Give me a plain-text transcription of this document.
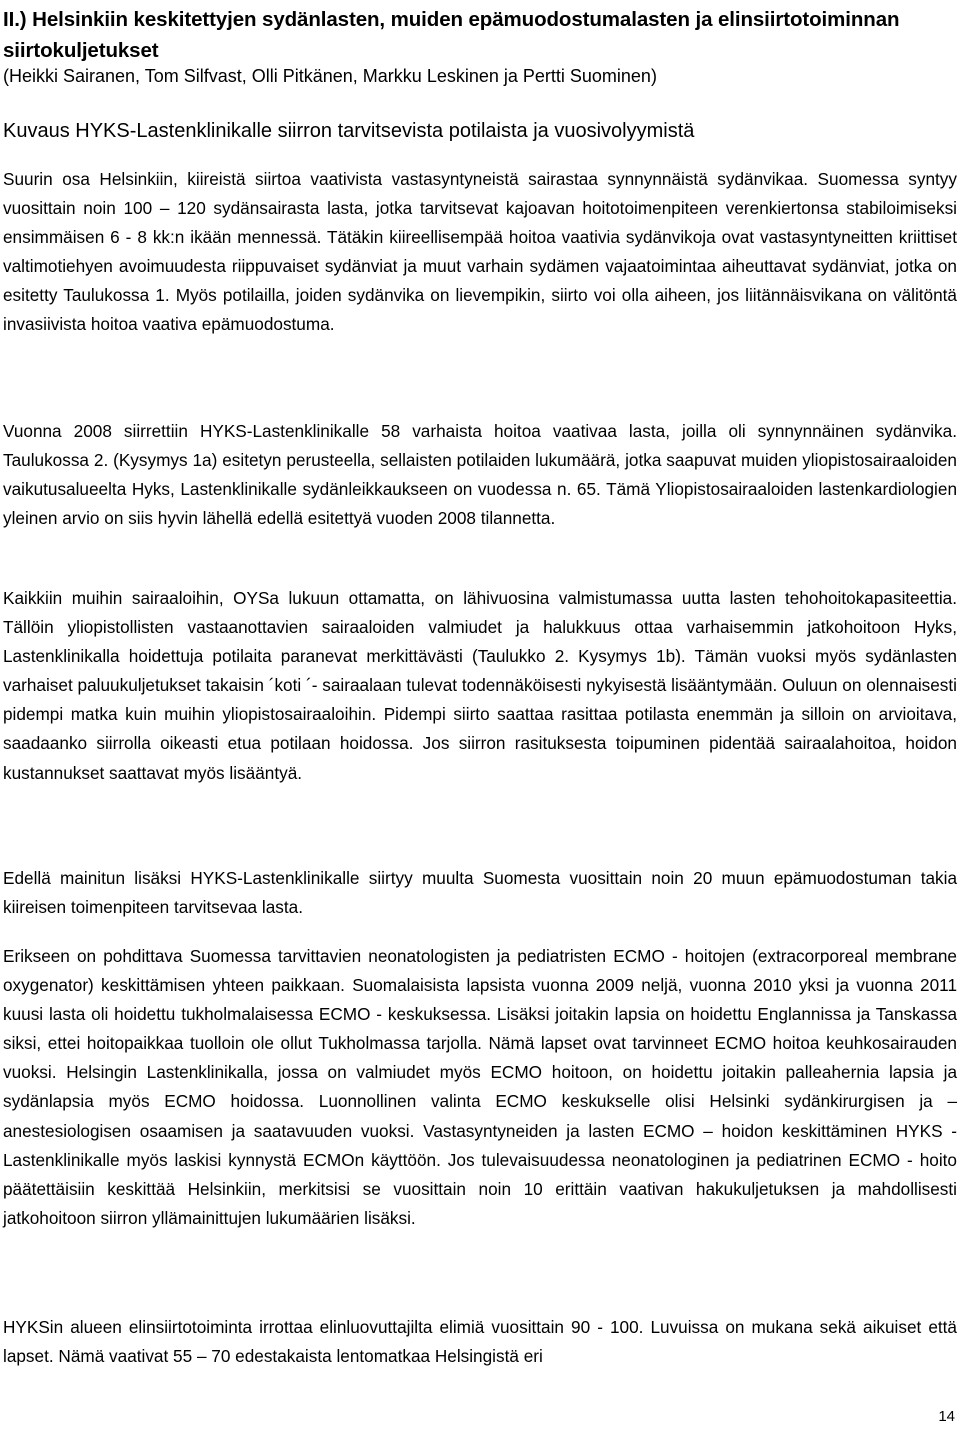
II.) Helsinkiin keskitettyjen sydänlasten, muiden epämuodostumalasten ja elinsiirtotoiminnan siirtokuljetukset
(Heikki Sairanen, Tom Silfvast, Olli Pitkänen, Markku Leskinen ja Pertti Suominen)
Kuvaus HYKS-Lastenklinikalle siirron tarvitsevista potilaista ja vuosivolyymistä

Suurin osa Helsinkiin, kiireistä siirtoa vaativista vastasyntyneistä sairastaa synnynnäistä sydänvikaa. Suomessa syntyy vuosittain noin 100 – 120 sydänsairasta lasta, jotka tarvitsevat kajoavan hoitotoimenpiteen verenkiertonsa stabiloimiseksi ensimmäisen 6 - 8 kk:n ikään mennessä. Tätäkin kiireellisempää hoitoa vaativia sydänvikoja ovat vastasyntyneitten kriittiset valtimotiehyen avoimuudesta riippuvaiset sydänviat ja muut varhain sydämen vajaatoimintaa aiheuttavat sydänviat, jotka on esitetty Taulukossa 1. Myös potilailla, joiden sydänvika on lievempikin, siirto voi olla aiheen, jos liitännäisvikana on välitöntä invasiivista hoitoa vaativa epämuodostuma.

Vuonna 2008 siirrettiin HYKS-Lastenklinikalle 58 varhaista hoitoa vaativaa lasta, joilla oli synnynnäinen sydänvika. Taulukossa 2. (Kysymys 1a) esitetyn perusteella, sellaisten potilaiden lukumäärä, jotka saapuvat muiden yliopistosairaaloiden vaikutusalueelta Hyks, Lastenklinikalle sydänleikkaukseen on vuodessa n. 65. Tämä Yliopistosairaaloiden lastenkardiologien yleinen arvio on siis hyvin lähellä edellä esitettyä vuoden 2008 tilannetta.

Kaikkiin muihin sairaaloihin, OYSa lukuun ottamatta, on lähivuosina valmistumassa uutta lasten tehohoitokapasiteettia. Tällöin yliopistollisten vastaanottavien sairaaloiden valmiudet ja halukkuus ottaa varhaisemmin jatkohoitoon Hyks, Lastenklinikalla hoidettuja potilaita paranevat merkittävästi (Taulukko 2. Kysymys 1b). Tämän vuoksi myös sydänlasten varhaiset paluukuljetukset takaisin ´koti ´- sairaalaan tulevat todennäköisesti nykyisestä lisääntymään. Ouluun on olennaisesti pidempi matka kuin muihin yliopistosairaaloihin. Pidempi siirto saattaa rasittaa potilasta enemmän ja silloin on arvioitava, saadaanko siirrolla oikeasti etua potilaan hoidossa. Jos siirron rasituksesta toipuminen pidentää sairaalahoitoa, hoidon kustannukset saattavat myös lisääntyä.

Edellä mainitun lisäksi HYKS-Lastenklinikalle siirtyy muulta Suomesta vuosittain noin 20 muun epämuodostuman takia kiireisen toimenpiteen tarvitsevaa lasta.

Erikseen on pohdittava Suomessa tarvittavien neonatologisten ja pediatristen ECMO - hoitojen (extracorporeal membrane oxygenator) keskittämisen yhteen paikkaan. Suomalaisista lapsista vuonna 2009 neljä, vuonna 2010 yksi ja vuonna 2011 kuusi lasta oli hoidettu tukholmalaisessa ECMO - keskuksessa. Lisäksi joitakin lapsia on hoidettu Englannissa ja Tanskassa siksi, ettei hoitopaikkaa tuolloin ole ollut Tukholmassa tarjolla. Nämä lapset ovat tarvinneet ECMO hoitoa keuhkosairauden vuoksi. Helsingin Lastenklinikalla, jossa on valmiudet myös ECMO hoitoon, on hoidettu joitakin palleahernia lapsia ja sydänlapsia myös ECMO hoidossa. Luonnollinen valinta ECMO keskukselle olisi Helsinki sydänkirurgisen ja – anestesiologisen osaamisen ja saatavuuden vuoksi. Vastasyntyneiden ja lasten ECMO – hoidon keskittäminen HYKS - Lastenklinikalle myös laskisi kynnystä ECMOn käyttöön. Jos tulevaisuudessa neonatologinen ja pediatrinen ECMO - hoito päätettäisiin keskittää Helsinkiin, merkitsisi se vuosittain noin 10 erittäin vaativan hakukuljetuksen ja mahdollisesti jatkohoitoon siirron yllämainittujen lukumäärien lisäksi.

HYKSin alueen elinsiirtotoiminta irrottaa elinluovuttajilta elimiä vuosittain 90 - 100. Luvuissa on mukana sekä aikuiset että lapset. Nämä vaativat 55 – 70 edestakaista lentomatkaa Helsingistä eri

14
